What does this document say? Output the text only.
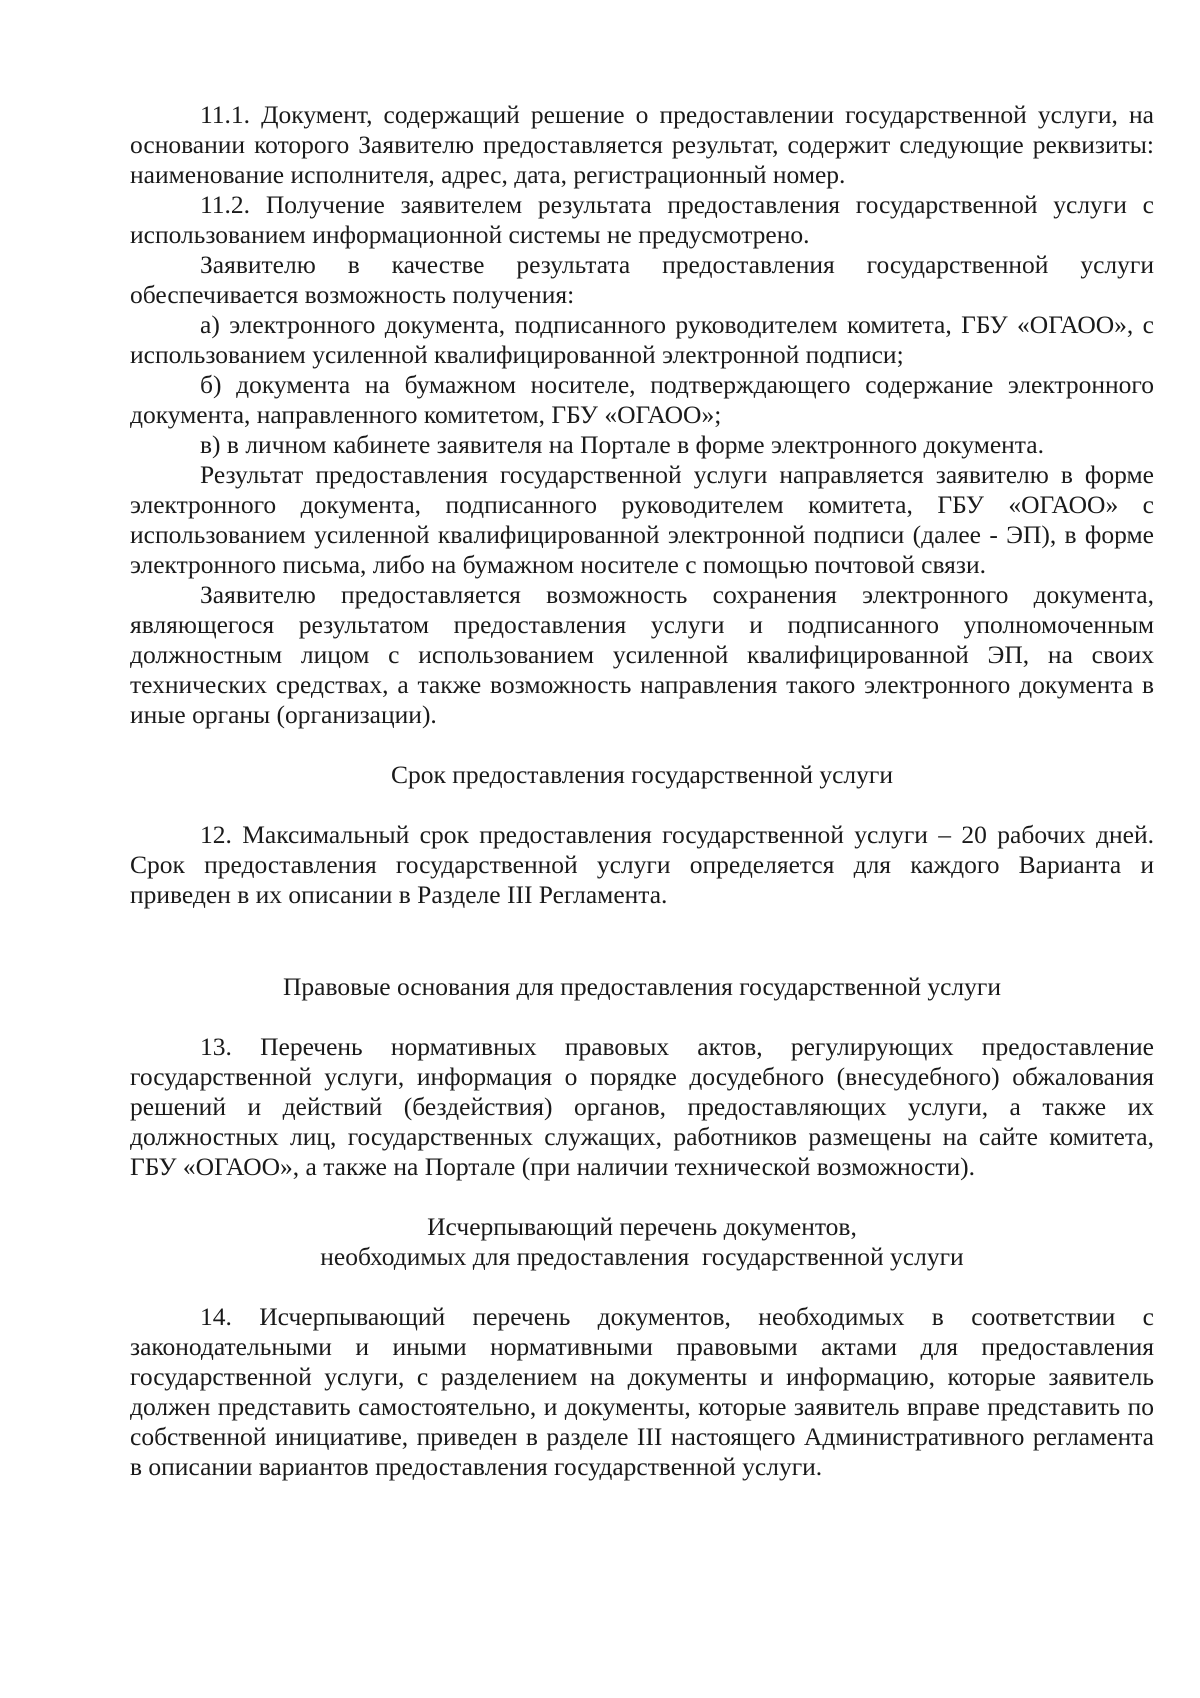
11.1. Документ, содержащий решение о предоставлении государственной услуги, на основании которого Заявителю предоставляется результат, содержит следующие реквизиты: наименование исполнителя, адрес, дата, регистрационный номер.

11.2. Получение заявителем результата предоставления государственной услуги с использованием информационной системы не предусмотрено.

Заявителю в качестве результата предоставления государственной услуги обеспечивается возможность получения:

а) электронного документа, подписанного руководителем комитета, ГБУ «ОГАОО», с использованием усиленной квалифицированной электронной подписи;

б) документа на бумажном носителе, подтверждающего содержание электронного документа, направленного комитетом, ГБУ «ОГАОО»;

в) в личном кабинете заявителя на Портале в форме электронного документа.

Результат предоставления государственной услуги направляется заявителю в форме электронного документа, подписанного руководителем комитета, ГБУ «ОГАОО» с использованием усиленной квалифицированной электронной подписи (далее - ЭП), в форме электронного письма, либо на бумажном носителе с помощью почтовой связи.

Заявителю предоставляется возможность сохранения электронного документа, являющегося результатом предоставления услуги и подписанного уполномоченным должностным лицом с использованием усиленной квалифицированной ЭП, на своих технических средствах, а также возможность направления такого электронного документа в иные органы (организации).

Срок предоставления государственной услуги

12. Максимальный срок предоставления государственной услуги – 20 рабочих дней. Срок предоставления государственной услуги определяется для каждого Варианта и приведен в их описании в Разделе III Регламента.

Правовые основания для предоставления государственной услуги

13. Перечень нормативных правовых актов, регулирующих предоставление государственной услуги, информация о порядке досудебного (внесудебного) обжалования решений и действий (бездействия) органов, предоставляющих услуги, а также их должностных лиц, государственных служащих, работников размещены на сайте комитета, ГБУ «ОГАОО», а также на Портале (при наличии технической возможности).

Исчерпывающий перечень документов,

необходимых для предоставления  государственной услуги

14. Исчерпывающий перечень документов, необходимых в соответствии с законодательными и иными нормативными правовыми актами для предоставления государственной услуги, с разделением на документы и информацию, которые заявитель должен представить самостоятельно, и документы, которые заявитель вправе представить по собственной инициативе, приведен в разделе III настоящего Административного регламента в описании вариантов предоставления государственной услуги.
